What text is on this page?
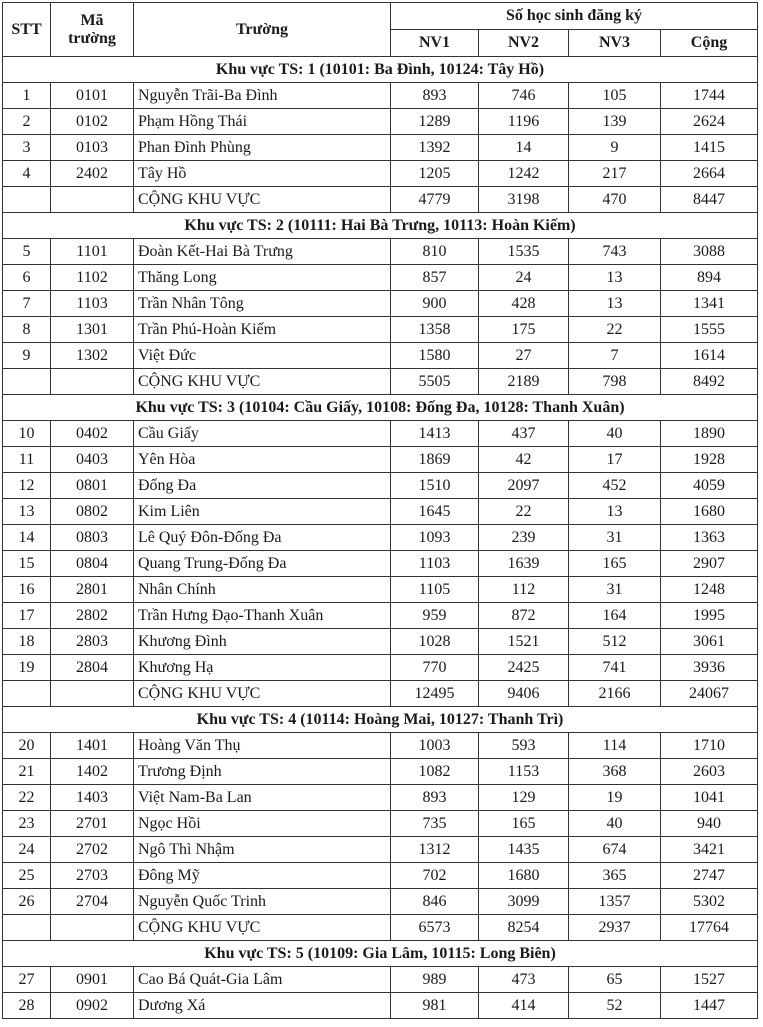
STT	Mã trường	Trường	Số học sinh đăng ký			
			NV1	NV2	NV3	Cộng
Khu vực TS: 1 (10101: Ba Đình, 10124: Tây Hồ)						
1	0101	Nguyễn Trãi-Ba Đình	893	746	105	1744
2	0102	Phạm Hồng Thái	1289	1196	139	2624
3	0103	Phan Đình Phùng	1392	14	9	1415
4	2402	Tây Hồ	1205	1242	217	2664
		CỘNG KHU VỰC	4779	3198	470	8447
Khu vực TS: 2 (10111: Hai Bà Trưng, 10113: Hoàn Kiếm)						
5	1101	Đoàn Kết-Hai Bà Trưng	810	1535	743	3088
6	1102	Thăng Long	857	24	13	894
7	1103	Trần Nhân Tông	900	428	13	1341
8	1301	Trần Phú-Hoàn Kiếm	1358	175	22	1555
9	1302	Việt Đức	1580	27	7	1614
		CỘNG KHU VỰC	5505	2189	798	8492
Khu vực TS: 3 (10104: Cầu Giấy, 10108: Đống Đa, 10128: Thanh Xuân)						
10	0402	Cầu Giấy	1413	437	40	1890
11	0403	Yên Hòa	1869	42	17	1928
12	0801	Đống Đa	1510	2097	452	4059
13	0802	Kim Liên	1645	22	13	1680
14	0803	Lê Quý Đôn-Đống Đa	1093	239	31	1363
15	0804	Quang Trung-Đống Đa	1103	1639	165	2907
16	2801	Nhân Chính	1105	112	31	1248
17	2802	Trần Hưng Đạo-Thanh Xuân	959	872	164	1995
18	2803	Khương Đình	1028	1521	512	3061
19	2804	Khương Hạ	770	2425	741	3936
		CỘNG KHU VỰC	12495	9406	2166	24067
Khu vực TS: 4 (10114: Hoàng Mai, 10127: Thanh Trì)						
20	1401	Hoàng Văn Thụ	1003	593	114	1710
21	1402	Trương Định	1082	1153	368	2603
22	1403	Việt Nam-Ba Lan	893	129	19	1041
23	2701	Ngọc Hồi	735	165	40	940
24	2702	Ngô Thì Nhậm	1312	1435	674	3421
25	2703	Đông Mỹ	702	1680	365	2747
26	2704	Nguyễn Quốc Trinh	846	3099	1357	5302
		CỘNG KHU VỰC	6573	8254	2937	17764
Khu vực TS: 5 (10109: Gia Lâm, 10115: Long Biên)						
27	0901	Cao Bá Quát-Gia Lâm	989	473	65	1527
28	0902	Dương Xá	981	414	52	1447
